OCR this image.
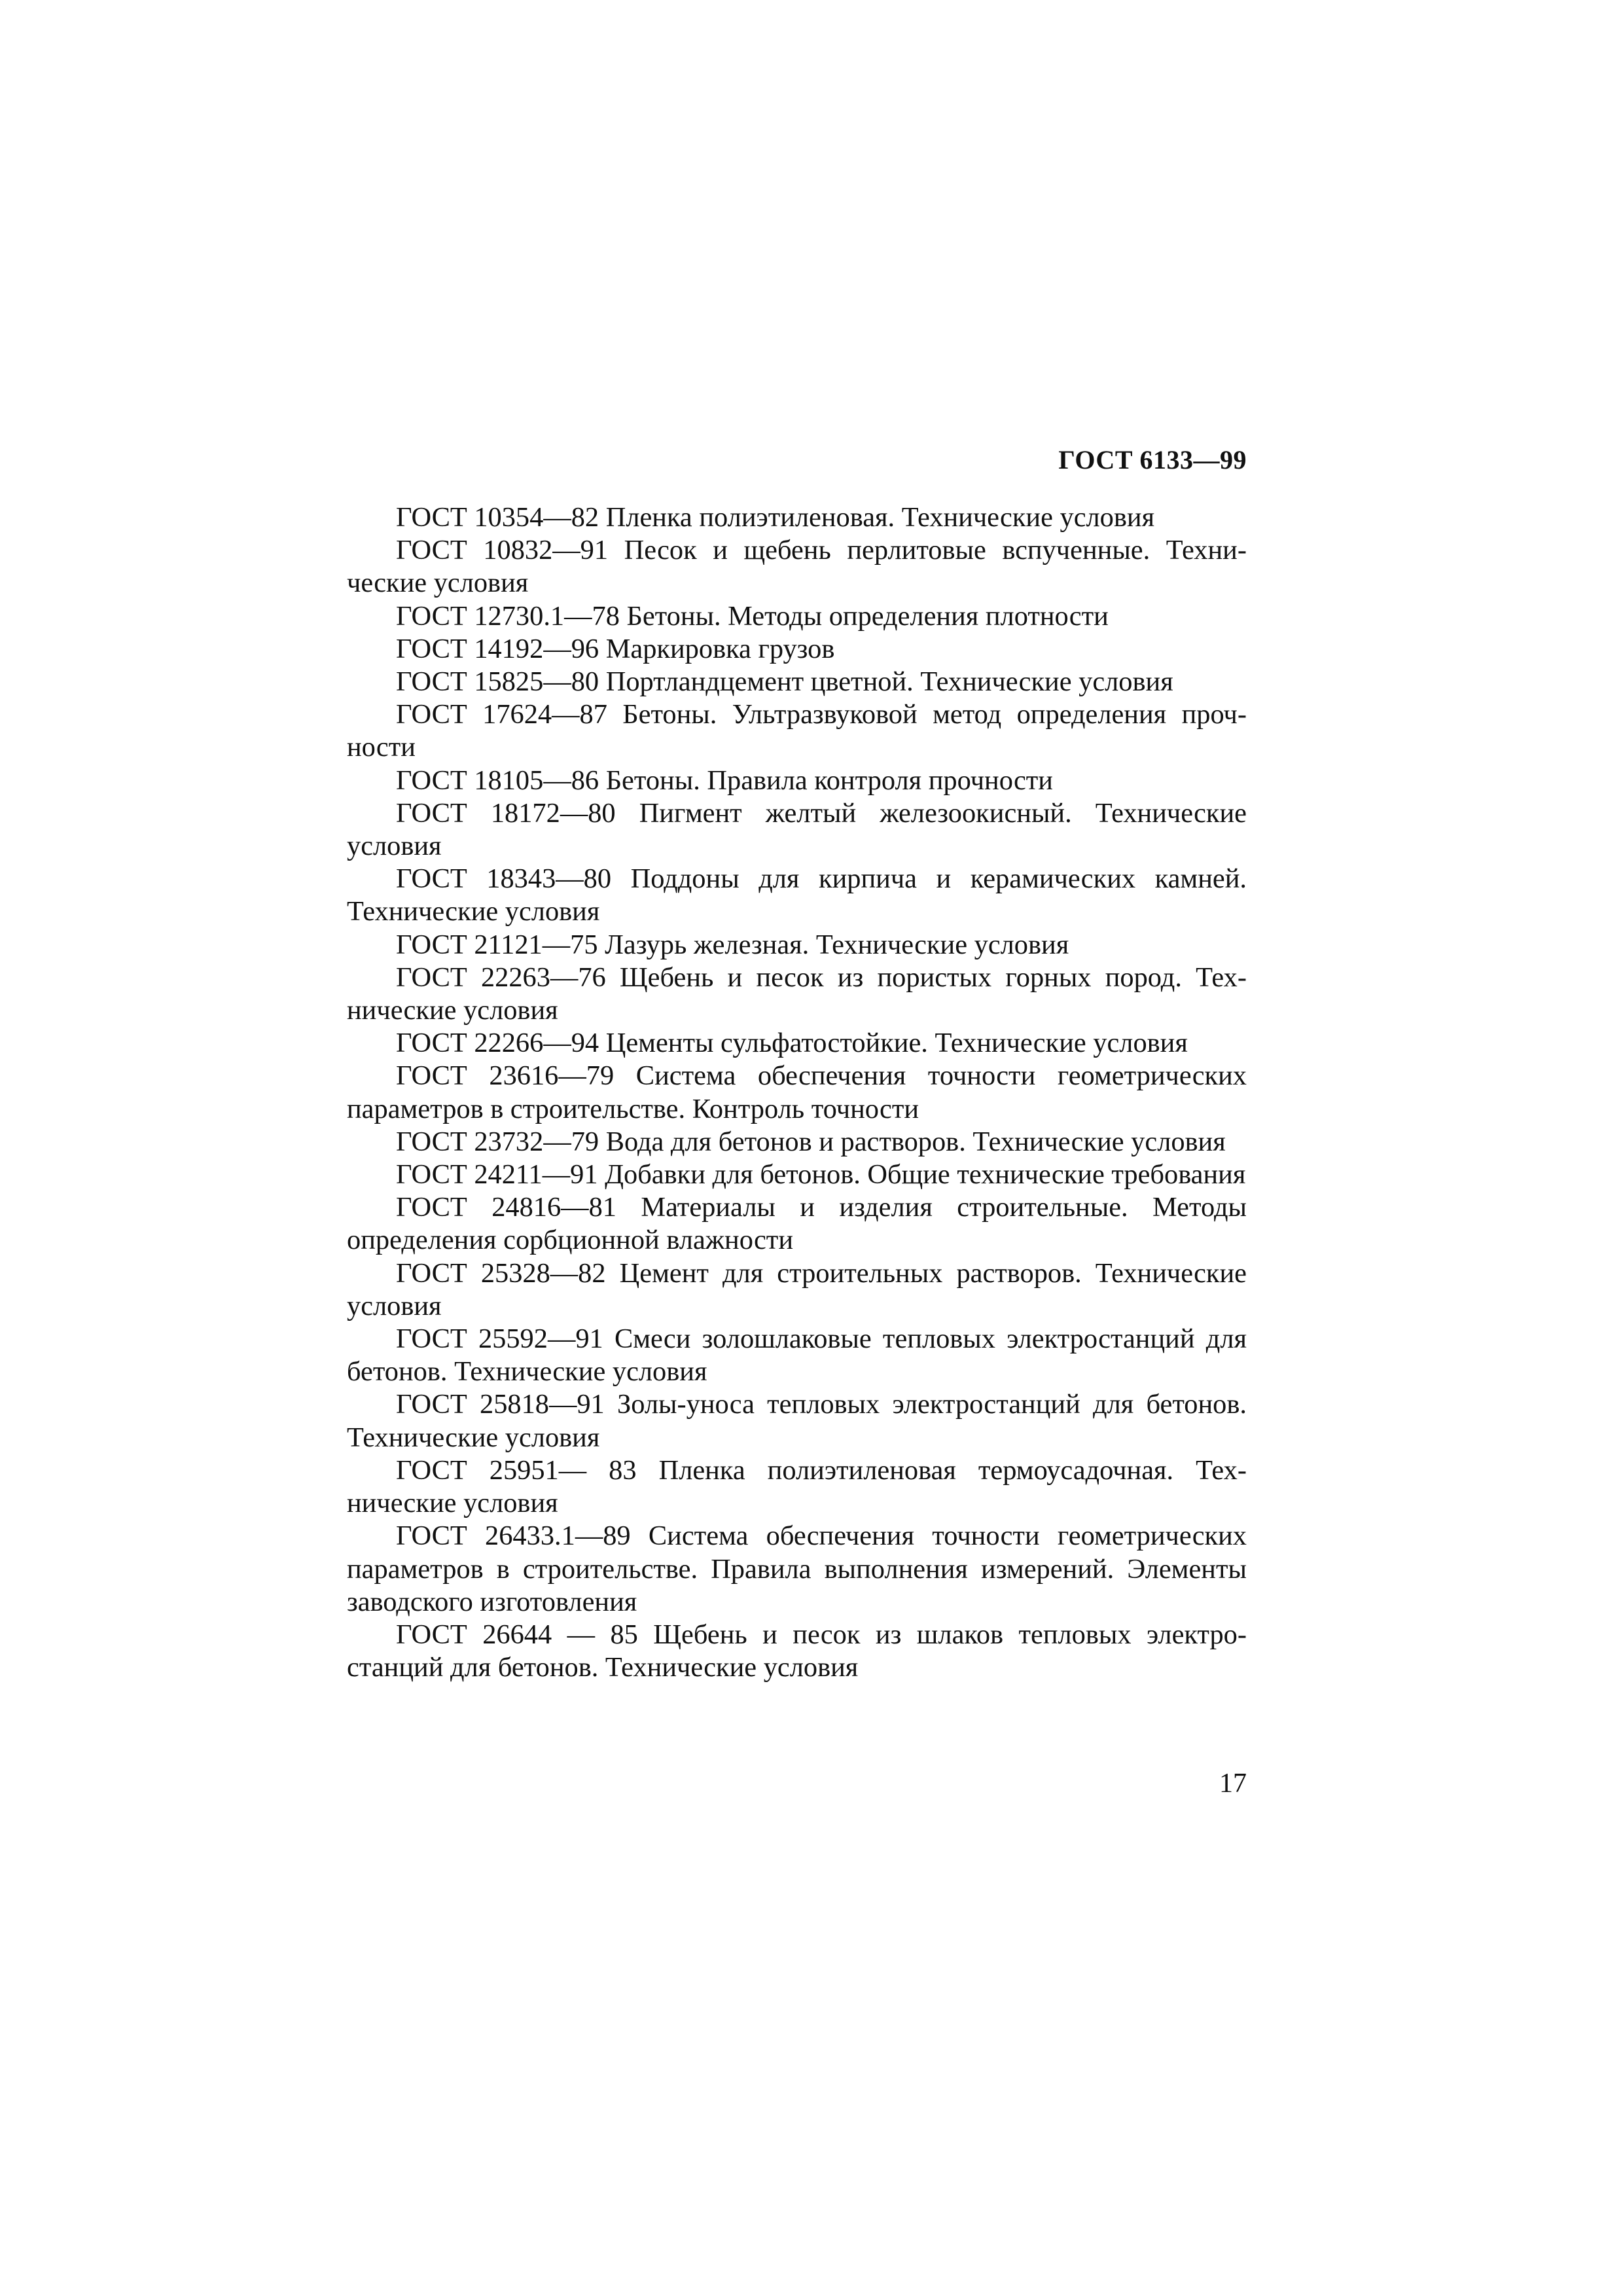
ГОСТ 6133—99

ГОСТ 10354—82 Пленка полиэтиленовая. Технические условия

ГОСТ 10832—91 Песок и щебень перлитовые вспученные. Технические условия

ГОСТ 12730.1—78 Бетоны. Методы определения плотности

ГОСТ 14192—96 Маркировка грузов

ГОСТ 15825—80 Портландцемент цветной. Технические условия

ГОСТ 17624—87 Бетоны. Ультразвуковой метод определения прочности

ГОСТ 18105—86 Бетоны. Правила контроля прочности

ГОСТ 18172—80 Пигмент желтый железоокисный. Технические условия

ГОСТ 18343—80 Поддоны для кирпича и керамических камней. Технические условия

ГОСТ 21121—75 Лазурь железная. Технические условия

ГОСТ 22263—76 Щебень и песок из пористых горных пород. Технические условия

ГОСТ 22266—94 Цементы сульфатостойкие. Технические условия

ГОСТ 23616—79 Система обеспечения точности геометрических параметров в строительстве. Контроль точности

ГОСТ 23732—79 Вода для бетонов и растворов. Технические условия

ГОСТ 24211—91 Добавки для бетонов. Общие технические требования

ГОСТ 24816—81 Материалы и изделия строительные. Методы определения сорбционной влажности

ГОСТ 25328—82 Цемент для строительных растворов. Технические условия

ГОСТ 25592—91 Смеси золошлаковые тепловых электростанций для бетонов. Технические условия

ГОСТ 25818—91 Золы-уноса тепловых электростанций для бетонов. Технические условия

ГОСТ 25951— 83 Пленка полиэтиленовая термоусадочная. Технические условия

ГОСТ 26433.1—89 Система обеспечения точности геометрических параметров в строительстве. Правила выполнения измерений. Элементы заводского изготовления

ГОСТ 26644 — 85 Щебень и песок из шлаков тепловых электростанций для бетонов. Технические условия

17
